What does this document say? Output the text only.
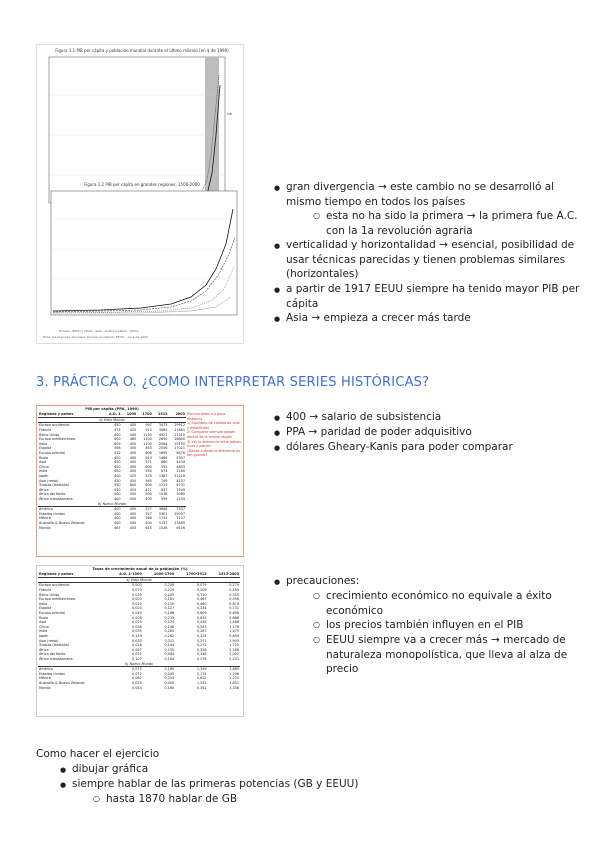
Figura 1.1 PIB per cápita y población mundial durante el último milenio (en $ de 1990)
PIB
Figura 1.2 PIB per cápita en grandes regiones, 1500-2000
Europa · EEUU y Otros · Asia · América Latina · África
Nota: las regiones del mapa; Europa occidental, EEUU... en $ de 1990
● gran divergencia → este cambio no se desarrolló al mismo tiempo en todos los países
○ esta no ha sido la primera → la primera fue A.C. con la 1a revolución agraria
● verticalidad y horizontalidad → esencial, posibilidad de usar técnicas parecidas y tienen problemas similares (horizontales)
● a partir de 1917 EEUU siempre ha tenido mayor PIB per cápita
● Asia → empieza a crecer más tarde
3. PRÁCTICA O. ¿COMO INTERPRETAR SERIES HISTÓRICAS?
PIB per cápita (PPA, 1990)
Regiones y países	A.D. 1	1000	1700	1913	2003
a) Viejo Mundo					
Europa occidental	450	400	997	3473	19912
Francia	473	425	910	3485	21861
Reino Unido	400	400	1250	4921	21310
Europa mediterránea	600	485	1100	2650	16800
Italia	809	450	1100	2564	19150
España	498	450	853	2056	17021
Europa oriental	412	400	606	1695	6476
Rusia	400	400	610	1488	5397
Asia	450	450	571	680	4434
China	450	450	600	552	4803
India	450	450	550	673	2160
Japón	400	425	570	1387	21218
Asia (resto)	450	450	565	749	4237
Turquía (Anatolia)	550	600	600	1213	6731
África	430	425	421	637	1549
África del Norte	500	500	500	1038	3080
África subsahariana	400	400	400	599	1154
b) Nuevo Mundo					
América	400	400	527	3668	7937
Estados Unidos	400	400	527	5301	29037
México	400	400	568	1732	7137
Australia & Nueva Zelanda	400	400	400	5157	23569
Mundo	467	453	615	1526	6516
Pronunciadas o a poca distancia
1) Equilibrio de calidad de vida y estabilidad
2) Comparar siempre países dentro de la misma región
3) Ver la diferencia entre países ricos y pobres
¿Desde cuándo la diferencia es tan grande?
● 400 → salario de subsistencia
● PPA → paridad de poder adquisitivo
● dólares Gheary-Kanis para poder comparar
Tasas de crecimiento anual de la población (%)
Regiones y países	A.D. 1-1000	1000-1700	1700-1913	1913-2003
a) Viejo Mundo				
Europa occidental	0,003	0,209	0,079	0,279
Francia	0,070	0,229	0,209	0,459
Reino Unido	0,035	0,209	0,720	0,335
Europa mediterránea	0,003	0,161	0,467	0,556
Italia	0,010	0,110	0,480	0,679
España	0,020	0,127	0,334	0,731
Europa oriental	0,040	0,166	0,609	0,608
Rusia	0,008	0,235	0,835	0,686
Asia	0,025	0,174	0,439	1,468
China	0,036	0,148	0,543	1,176
India	0,035	0,285	0,287	1,475
Japón	0,139	0,282	0,324	0,894
Asia (resto)	0,030	0,312	0,371	1,905
Turquía (Anatolia)	0,016	0,144	0,271	1,720
África	0,067	0,155	0,326	2,168
África del Norte	0,051	0,084	0,348	2,032
África subsahariana	0,107	0,184	0,276	2,231
b) Nuevo Mundo				
América	0,075	0,189	1,349	1,685
Estados Unidos	0,072	0,045	2,174	1,206
México	0,082	0,253	0,622	2,121
Australia & Nueva Zelanda	0,025	0,000	1,532	1,831
Mundo	0,044	0,160	0,352	1,336
● precauciones:
○ crecimiento económico no equivale a éxito económico
○ los precios también influyen en el PIB
○ EEUU siempre va a crecer más → mercado de naturaleza monopolística, que lleva al alza de precio
Como hacer el ejercicio
● dibujar gráfica
● siempre hablar de las primeras potencias (GB y EEUU)
○ hasta 1870 hablar de GB
